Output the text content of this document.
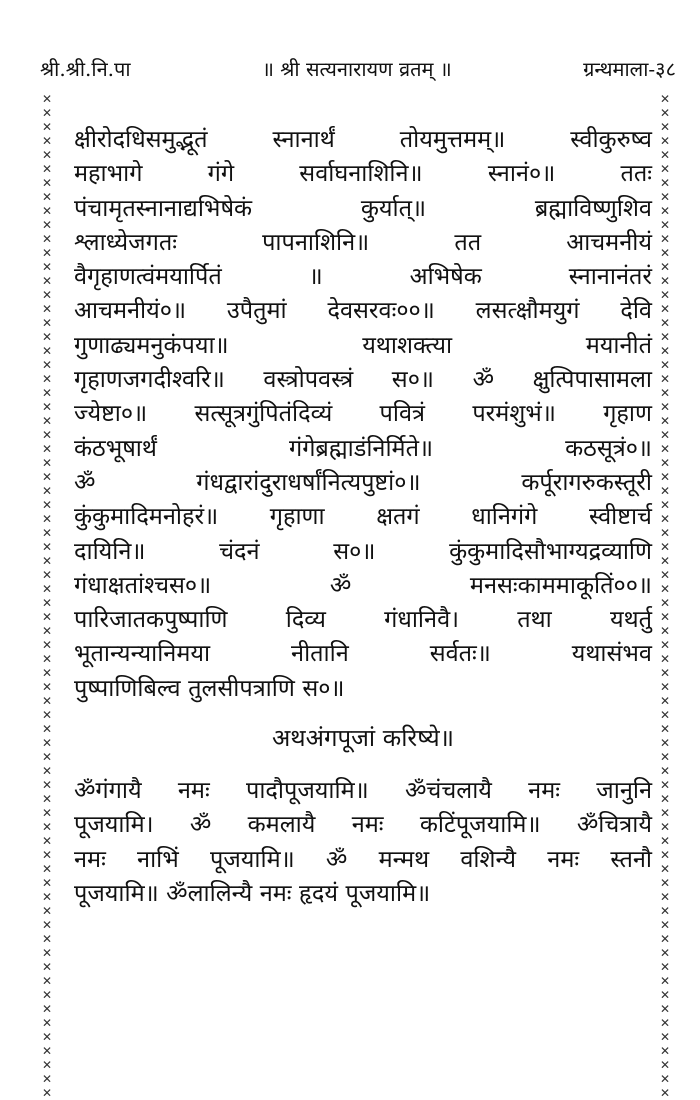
श्री.श्री.नि.पा	॥ श्री सत्यनारायण व्रतम् ॥	ग्रन्थमाला-३८
✕✕✕✕✕✕✕✕✕✕✕✕✕✕✕✕✕✕✕✕✕✕✕✕✕✕✕✕✕✕✕✕✕✕✕✕✕✕✕✕✕✕✕✕✕✕✕✕✕✕✕✕✕✕✕✕✕✕✕✕✕✕✕✕✕✕✕✕✕✕✕✕
✕✕✕✕✕✕✕✕✕✕✕✕✕✕✕✕✕✕✕✕✕✕✕✕✕✕✕✕✕✕✕✕✕✕✕✕✕✕✕✕✕✕✕✕✕✕✕✕✕✕✕✕✕✕✕✕✕✕✕✕✕✕✕✕✕✕✕✕✕✕✕✕

क्षीरोदधिसमुद्भूतं स्नानार्थं तोयमुत्तमम्॥ स्वीकुरुष्व

महाभागे गंगे सर्वाघनाशिनि॥ स्नानं०॥ ततः

पंचामृतस्नानाद्यभिषेकं कुर्यात्॥ ब्रह्माविष्णुशिव

श्लाध्येजगतः पापनाशिनि॥ तत आचमनीयं

वैगृहाणत्वंमयार्पितं ॥ अभिषेक स्नानानंतरं

आचमनीयं०॥ उपैतुमां देवसरवः००॥ लसत्क्षौमयुगं देवि

गुणाढ्यमनुकंपया॥ यथाशक्त्या मयानीतं

गृहाणजगदीश्वरि॥ वस्त्रोपवस्त्रं स०॥ ॐ क्षुत्पिपासामला

ज्येष्टा०॥ सत्सूत्रगुंपितंदिव्यं पवित्रं परमंशुभं॥ गृहाण

कंठभूषार्थं गंगेब्रह्माडंनिर्मिते॥ कठसूत्रं०॥

ॐ गंधद्वारांदुराधर्षांनित्यपुष्टां०॥ कर्पूरागरुकस्तूरी

कुंकुमादिमनोहरं॥ गृहाणा क्षतगं धानिगंगे स्वीष्टार्च

दायिनि॥ चंदनं स०॥ कुंकुमादिसौभाग्यद्रव्याणि

गंधाक्षतांश्चस०॥ ॐ मनसःकाममाकूतिं००॥

पारिजातकपुष्पाणि दिव्य गंधानिवै। तथा यथर्तु

भूतान्यन्यानिमया नीतानि सर्वतः॥ यथासंभव

पुष्पाणिबिल्व तुलसीपत्राणि स०॥

अथअंगपूजां करिष्ये॥

ॐगंगायै नमः पादौपूजयामि॥ ॐचंचलायै नमः जानुनि

पूजयामि। ॐ कमलायै नमः कटिंपूजयामि॥ ॐचित्रायै

नमः नाभिं पूजयामि॥ ॐ मन्मथ वशिन्यै नमः स्तनौ

पूजयामि॥ ॐलालिन्यै नमः हृदयं पूजयामि॥
